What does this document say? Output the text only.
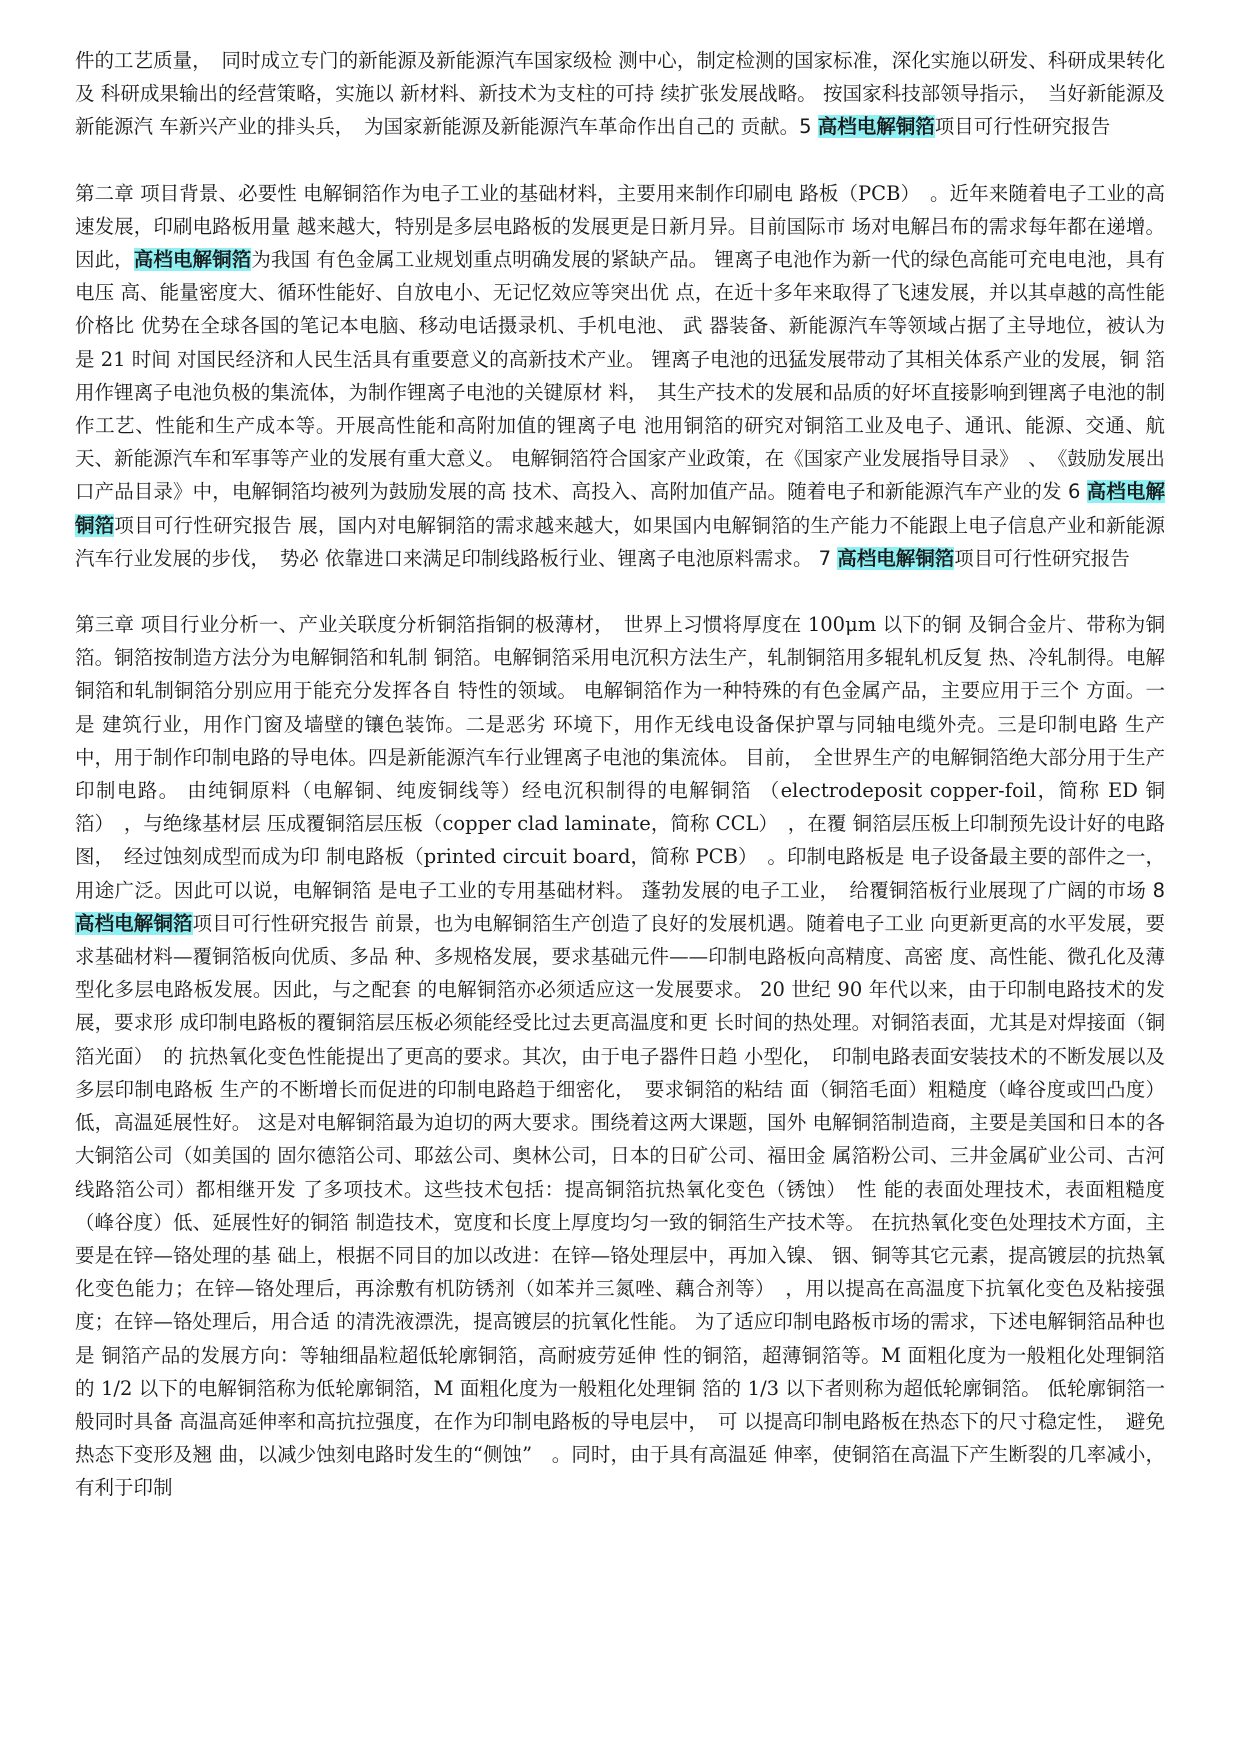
件的工艺质量，　同时成立专门的新能源及新能源汽车国家级检 测中心，制定检测的国家标准，深化实施以研发、科研成果转化及 科研成果输出的经营策略，实施以 新材料、新技术为支柱的可持 续扩张发展战略。 按国家科技部领导指示，　当好新能源及新能源汽 车新兴产业的排头兵，　为国家新能源及新能源汽车革命作出自己的 贡献。5 高档电解铜箔项目可行性研究报告

第二章 项目背景、必要性 电解铜箔作为电子工业的基础材料，主要用来制作印刷电 路板（PCB）　。近年来随着电子工业的高速发展，印刷电路板用量 越来越大，特别是多层电路板的发展更是日新月异。目前国际市 场对电解吕布的需求每年都在递增。因此，高档电解铜箔为我国 有色金属工业规划重点明确发展的紧缺产品。 锂离子电池作为新一代的绿色高能可充电电池，具有电压 高、能量密度大、循环性能好、自放电小、无记忆效应等突出优 点，在近十多年来取得了飞速发展，并以其卓越的高性能价格比 优势在全球各国的笔记本电脑、移动电话摄录机、手机电池、 武 器装备、新能源汽车等领域占据了主导地位，被认为是 21 时间 对国民经济和人民生活具有重要意义的高新技术产业。 锂离子电池的迅猛发展带动了其相关体系产业的发展，铜 箔用作锂离子电池负极的集流体，为制作锂离子电池的关键原材 料，　其生产技术的发展和品质的好坏直接影响到锂离子电池的制 作工艺、性能和生产成本等。开展高性能和高附加值的锂离子电 池用铜箔的研究对铜箔工业及电子、通讯、能源、交通、航天、新能源汽车和军事等产业的发展有重大意义。 电解铜箔符合国家产业政策，在《国家产业发展指导目录》　、　《鼓励发展出口产品目录》中，电解铜箔均被列为鼓励发展的高 技术、高投入、高附加值产品。随着电子和新能源汽车产业的发 6 高档电解铜箔项目可行性研究报告 展，国内对电解铜箔的需求越来越大，如果国内电解铜箔的生产能力不能跟上电子信息产业和新能源汽车行业发展的步伐，　势必 依靠进口来满足印制线路板行业、锂离子电池原料需求。 7 高档电解铜箔项目可行性研究报告

第三章 项目行业分析一、产业关联度分析铜箔指铜的极薄材，　世界上习惯将厚度在 100μm 以下的铜 及铜合金片、带称为铜箔。铜箔按制造方法分为电解铜箔和轧制 铜箔。电解铜箔采用电沉积方法生产，轧制铜箔用多辊轧机反复 热、冷轧制得。电解铜箔和轧制铜箔分别应用于能充分发挥各自 特性的领域。 电解铜箔作为一种特殊的有色金属产品，主要应用于三个 方面。一是 建筑行业，用作门窗及墙壁的镶色装饰。二是恶劣 环境下，用作无线电设备保护罩与同轴电缆外壳。三是印制电路 生产中，用于制作印制电路的导电体。四是新能源汽车行业锂离子电池的集流体。 目前，　全世界生产的电解铜箔绝大部分用于生产印制电路。 由纯铜原料（电解铜、纯废铜线等）经电沉积制得的电解铜箔 （electrodeposit copper-foil，简称 ED 铜箔）　，与绝缘基材层 压成覆铜箔层压板（copper clad laminate，简称 CCL）　，在覆 铜箔层压板上印制预先设计好的电路图，　经过蚀刻成型而成为印 制电路板（printed circuit board，简称 PCB）　。印制电路板是 电子设备最主要的部件之一，用途广泛。因此可以说，电解铜箔 是电子工业的专用基础材料。 蓬勃发展的电子工业，　给覆铜箔板行业展现了广阔的市场 8 高档电解铜箔项目可行性研究报告 前景，也为电解铜箔生产创造了良好的发展机遇。随着电子工业 向更新更高的水平发展，要求基础材料—覆铜箔板向优质、多品 种、多规格发展，要求基础元件——印制电路板向高精度、高密 度、高性能、微孔化及薄型化多层电路板发展。因此，与之配套 的电解铜箔亦必须适应这一发展要求。 20 世纪 90 年代以来，由于印制电路技术的发展，要求形 成印制电路板的覆铜箔层压板必须能经受比过去更高温度和更 长时间的热处理。对铜箔表面，尤其是对焊接面（铜箔光面）　的 抗热氧化变色性能提出了更高的要求。其次，由于电子器件日趋 小型化，　印制电路表面安装技术的不断发展以及多层印制电路板 生产的不断增长而促进的印制电路趋于细密化，　要求铜箔的粘结 面（铜箔毛面）粗糙度（峰谷度或凹凸度）低，高温延展性好。 这是对电解铜箔最为迫切的两大要求。围绕着这两大课题，国外 电解铜箔制造商，主要是美国和日本的各大铜箔公司（如美国的 固尔德箔公司、耶兹公司、奥林公司，日本的日矿公司、福田金 属箔粉公司、三井金属矿业公司、古河线路箔公司）都相继开发 了多项技术。这些技术包括：提高铜箔抗热氧化变色（锈蚀）　性 能的表面处理技术，表面粗糙度（峰谷度）低、延展性好的铜箔 制造技术，宽度和长度上厚度均匀一致的铜箔生产技术等。 在抗热氧化变色处理技术方面，主要是在锌—铬处理的基 础上，根据不同目的加以改进：在锌—铬处理层中，再加入镍、 铟、铜等其它元素，提高镀层的抗热氧化变色能力；在锌—铬处理后，再涂敷有机防锈剂（如苯并三氮唑、藕合剂等）　，用以提高在高温度下抗氧化变色及粘接强度；在锌—铬处理后，用合适 的清洗液漂洗，提高镀层的抗氧化性能。 为了适应印制电路板市场的需求，下述电解铜箔品种也是 铜箔产品的发展方向：等轴细晶粒超低轮廓铜箔，高耐疲劳延伸 性的铜箔，超薄铜箔等。M 面粗化度为一般粗化处理铜箔的 1/2 以下的电解铜箔称为低轮廓铜箔，M 面粗化度为一般粗化处理铜 箔的 1/3 以下者则称为超低轮廓铜箔。 低轮廓铜箔一般同时具备 高温高延伸率和高抗拉强度，在作为印制电路板的导电层中，　可 以提高印制电路板在热态下的尺寸稳定性，　避免热态下变形及翘 曲，以减少蚀刻电路时发生的“侧蚀”　。同时，由于具有高温延 伸率，使铜箔在高温下产生断裂的几率减小，有利于印制
